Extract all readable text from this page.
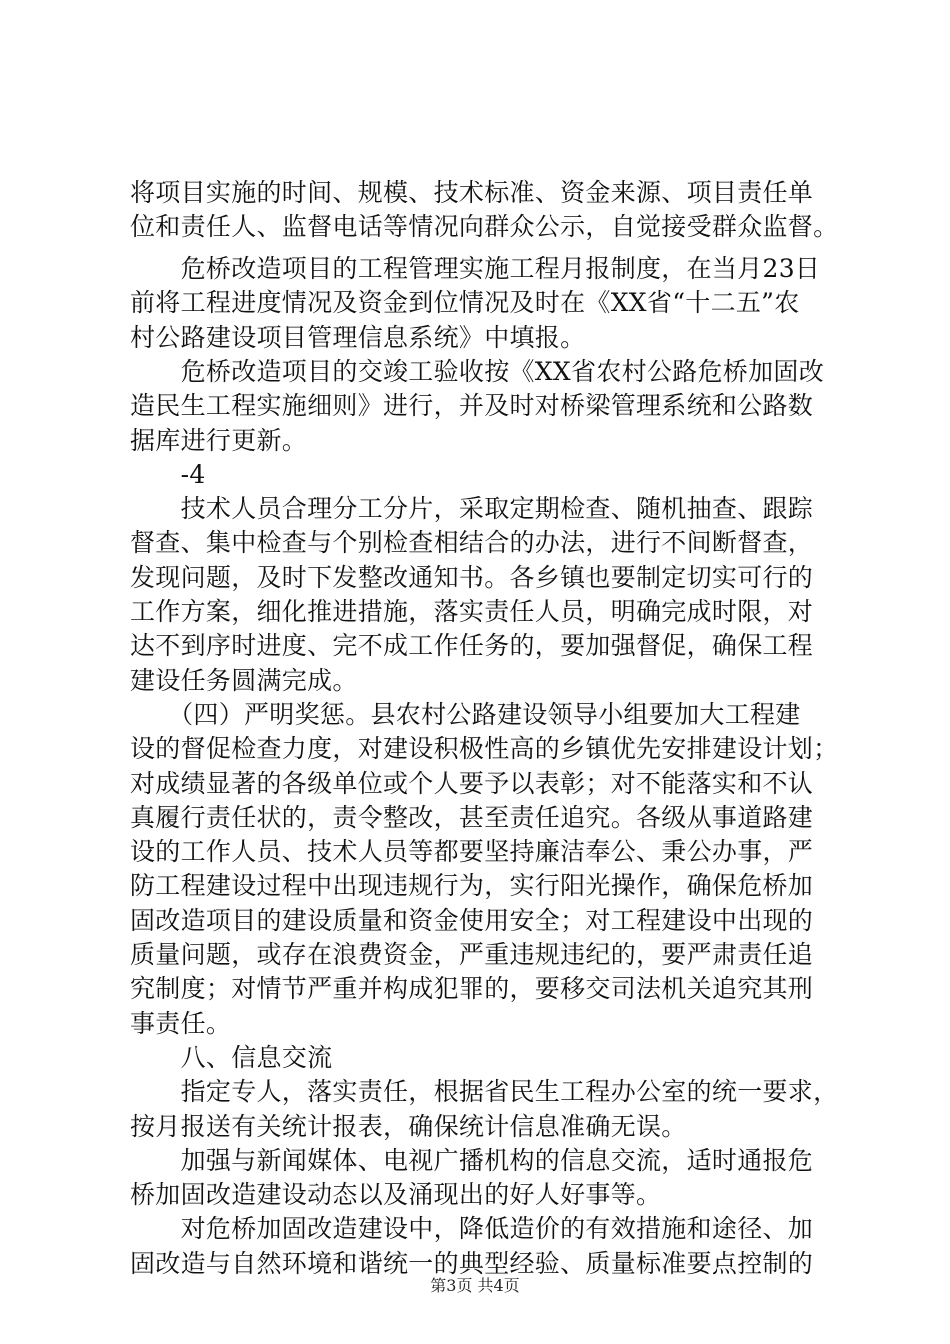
将项目实施的时间、规模、技术标准、资金来源、项目责任单
位和责任人、监督电话等情况向群众公示，自觉接受群众监督。
　　危桥改造项目的工程管理实施工程月报制度，在当月23日
前将工程进度情况及资金到位情况及时在《XX省“十二五”农
村公路建设项目管理信息系统》中填报。
　　危桥改造项目的交竣工验收按《XX省农村公路危桥加固改
造民生工程实施细则》进行，并及时对桥梁管理系统和公路数
据库进行更新。
　　-4
　　技术人员合理分工分片，采取定期检查、随机抽查、跟踪
督查、集中检查与个别检查相结合的办法，进行不间断督查，
发现问题，及时下发整改通知书。各乡镇也要制定切实可行的
工作方案，细化推进措施，落实责任人员，明确完成时限，对
达不到序时进度、完不成工作任务的，要加强督促，确保工程
建设任务圆满完成。
　　（四）严明奖惩。县农村公路建设领导小组要加大工程建
设的督促检查力度，对建设积极性高的乡镇优先安排建设计划；
对成绩显著的各级单位或个人要予以表彰；对不能落实和不认
真履行责任状的，责令整改，甚至责任追究。各级从事道路建
设的工作人员、技术人员等都要坚持廉洁奉公、秉公办事，严
防工程建设过程中出现违规行为，实行阳光操作，确保危桥加
固改造项目的建设质量和资金使用安全；对工程建设中出现的
质量问题，或存在浪费资金，严重违规违纪的，要严肃责任追
究制度；对情节严重并构成犯罪的，要移交司法机关追究其刑
事责任。
　　八、信息交流
　　指定专人，落实责任，根据省民生工程办公室的统一要求，
按月报送有关统计报表，确保统计信息准确无误。
　　加强与新闻媒体、电视广播机构的信息交流，适时通报危
桥加固改造建设动态以及涌现出的好人好事等。
　　对危桥加固改造建设中，降低造价的有效措施和途径、加
固改造与自然环境和谐统一的典型经验、质量标准要点控制的
第3页 共4页
